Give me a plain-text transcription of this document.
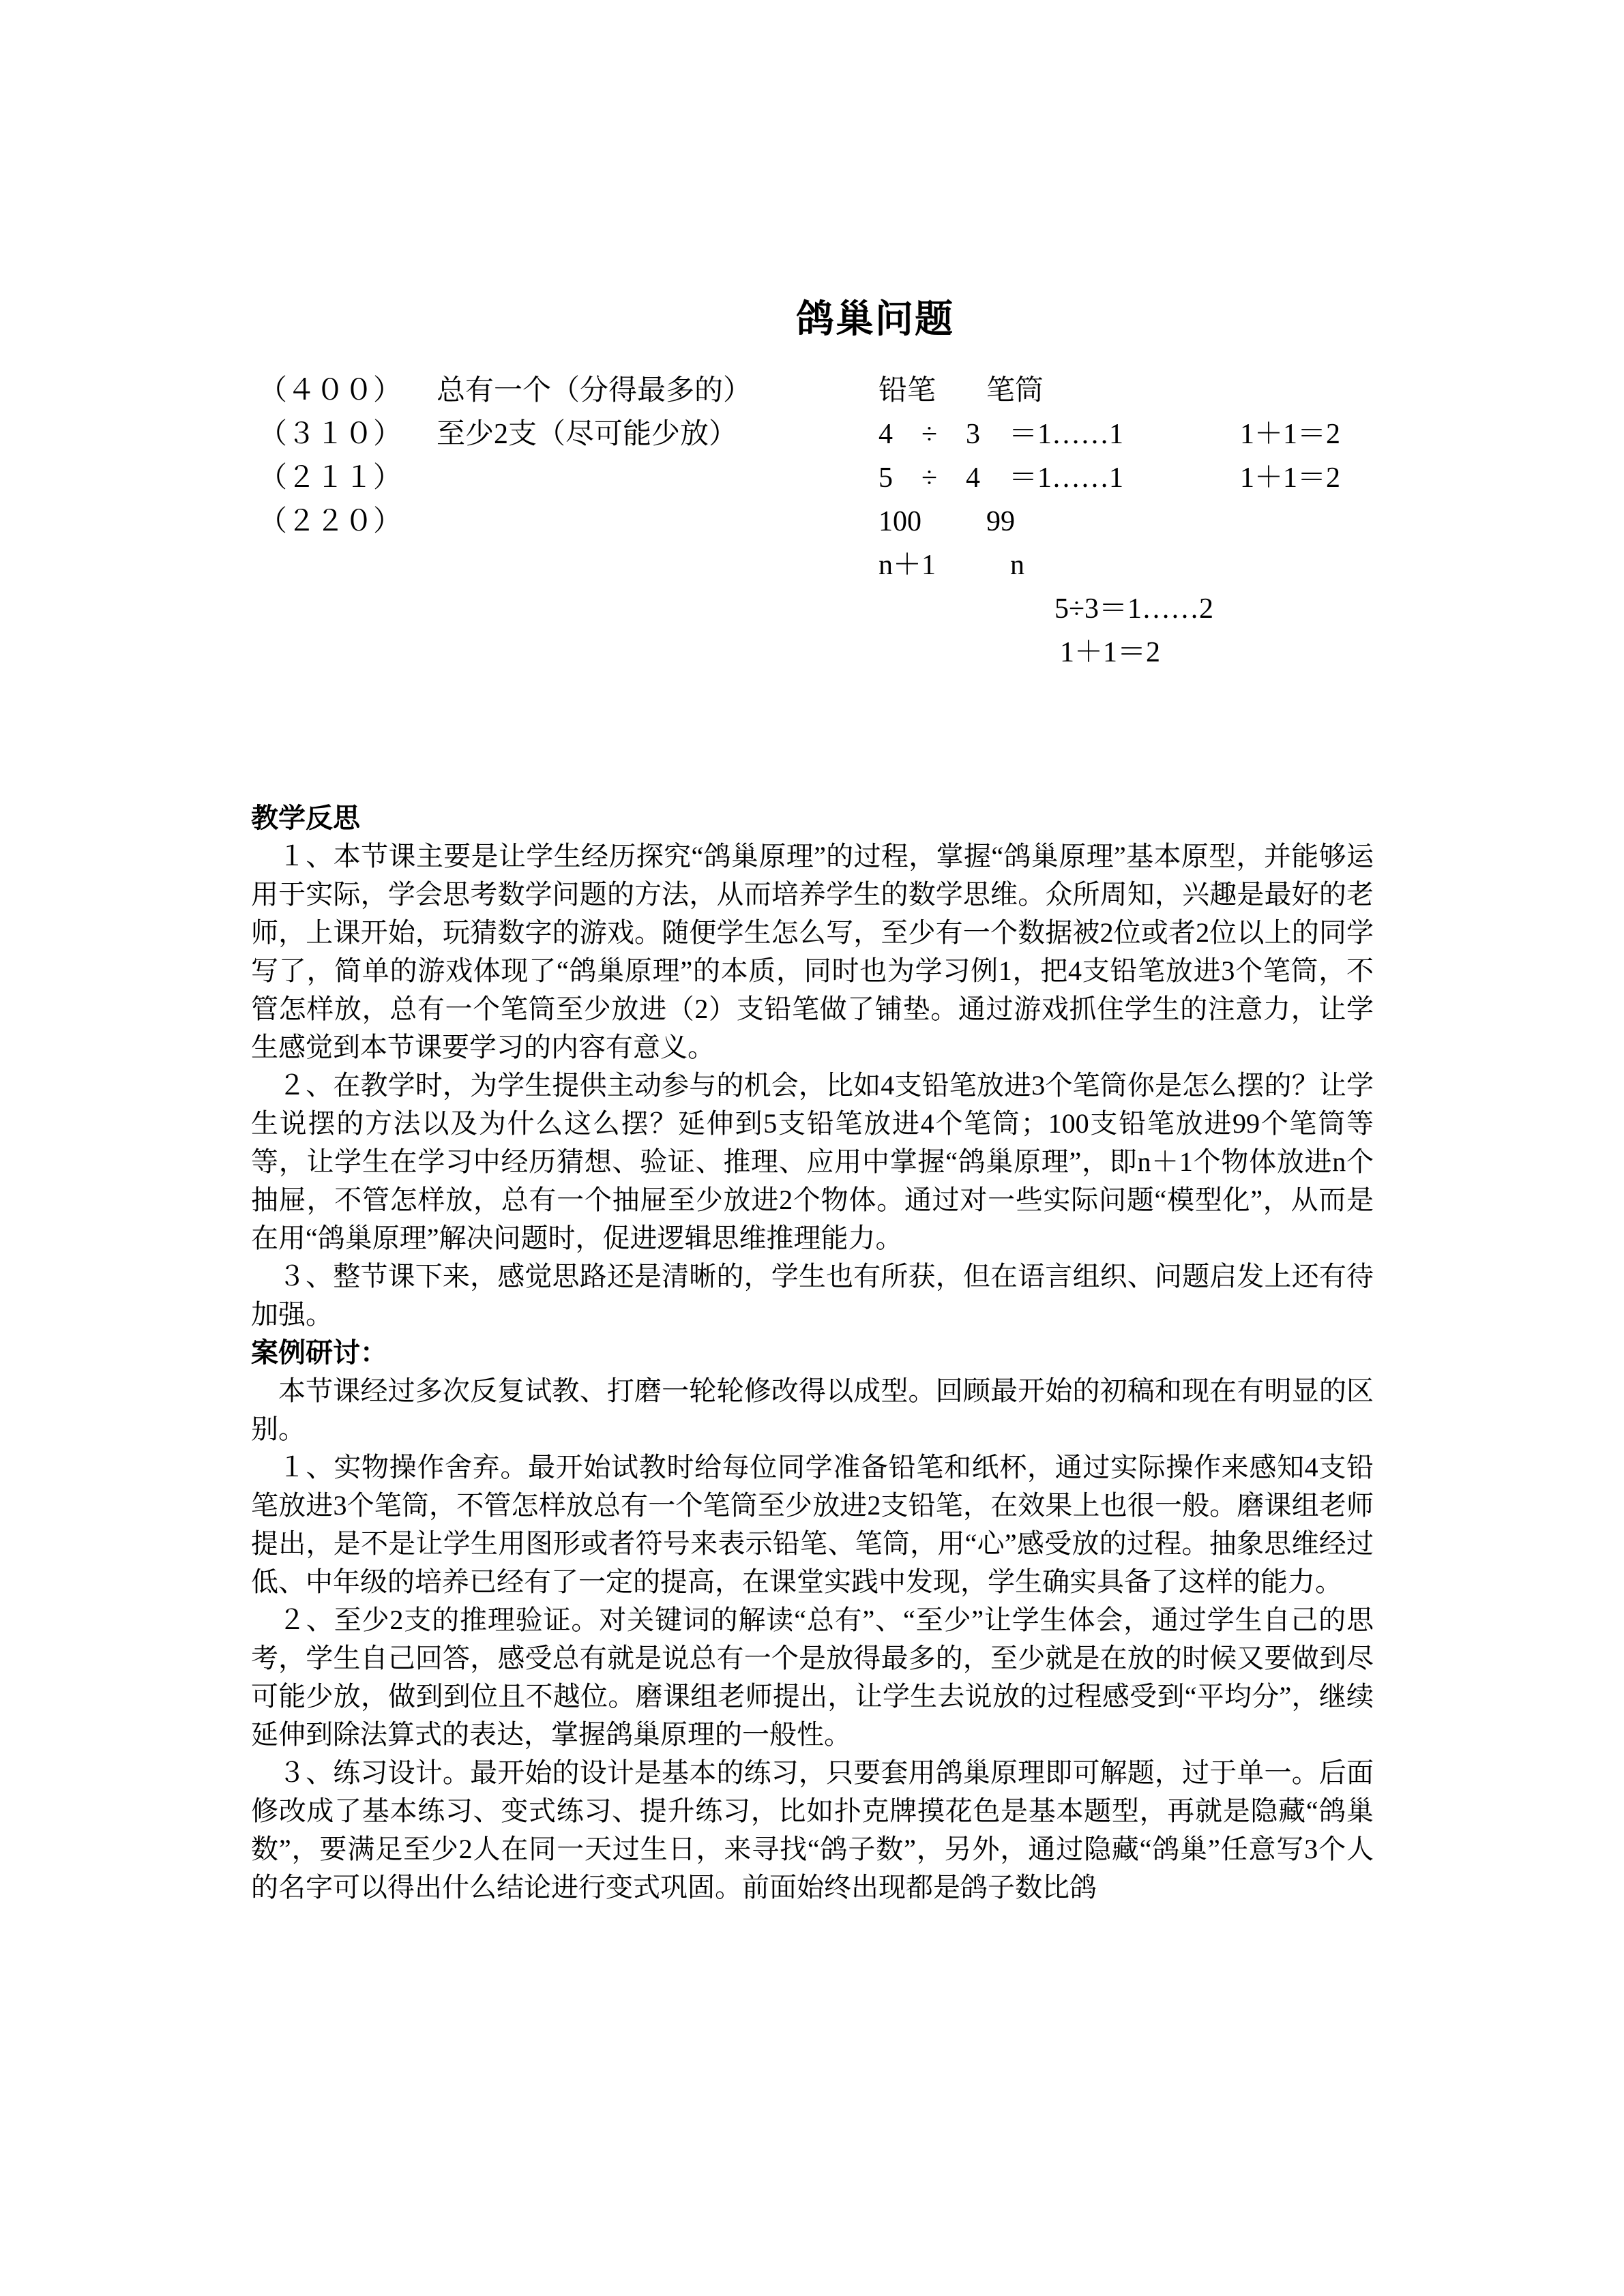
鸽巢问题
（４００） 总有一个（分得最多的）	铅笔 笔筒
（３１０） 至少2支（尽可能少放）	4　÷　3　＝1……1	1＋1＝2
（２１１）	5　÷　4　＝1……1	1＋1＝2
（２２０）	100 99
n＋1	n
5÷3＝1……2
1＋1＝2
教学反思

１、本节课主要是让学生经历探究“鸽巢原理”的过程，掌握“鸽巢原理”基本原型，并能够运用于实际，学会思考数学问题的方法，从而培养学生的数学思维。众所周知，兴趣是最好的老师，上课开始，玩猜数字的游戏。随便学生怎么写，至少有一个数据被2位或者2位以上的同学写了，简单的游戏体现了“鸽巢原理”的本质，同时也为学习例1，把4支铅笔放进3个笔筒，不管怎样放，总有一个笔筒至少放进（2）支铅笔做了铺垫。通过游戏抓住学生的注意力，让学生感觉到本节课要学习的内容有意义。

２、在教学时，为学生提供主动参与的机会，比如4支铅笔放进3个笔筒你是怎么摆的？让学生说摆的方法以及为什么这么摆？延伸到5支铅笔放进4个笔筒；100支铅笔放进99个笔筒等等，让学生在学习中经历猜想、验证、推理、应用中掌握“鸽巢原理”，即n＋1个物体放进n个抽屉，不管怎样放，总有一个抽屉至少放进2个物体。通过对一些实际问题“模型化”，从而是在用“鸽巢原理”解决问题时，促进逻辑思维推理能力。

３、整节课下来，感觉思路还是清晰的，学生也有所获，但在语言组织、问题启发上还有待加强。

案例研讨：

本节课经过多次反复试教、打磨一轮轮修改得以成型。回顾最开始的初稿和现在有明显的区别。

１、实物操作舍弃。最开始试教时给每位同学准备铅笔和纸杯，通过实际操作来感知4支铅笔放进3个笔筒，不管怎样放总有一个笔筒至少放进2支铅笔，在效果上也很一般。磨课组老师提出，是不是让学生用图形或者符号来表示铅笔、笔筒，用“心”感受放的过程。抽象思维经过低、中年级的培养已经有了一定的提高，在课堂实践中发现，学生确实具备了这样的能力。

２、至少2支的推理验证。对关键词的解读“总有”、“至少”让学生体会，通过学生自己的思考，学生自己回答，感受总有就是说总有一个是放得最多的，至少就是在放的时候又要做到尽可能少放，做到到位且不越位。磨课组老师提出，让学生去说放的过程感受到“平均分”，继续延伸到除法算式的表达，掌握鸽巢原理的一般性。

３、练习设计。最开始的设计是基本的练习，只要套用鸽巢原理即可解题，过于单一。后面修改成了基本练习、变式练习、提升练习，比如扑克牌摸花色是基本题型，再就是隐藏“鸽巢数”，要满足至少2人在同一天过生日，来寻找“鸽子数”，另外，通过隐藏“鸽巢”任意写3个人的名字可以得出什么结论进行变式巩固。前面始终出现都是鸽子数比鸽
